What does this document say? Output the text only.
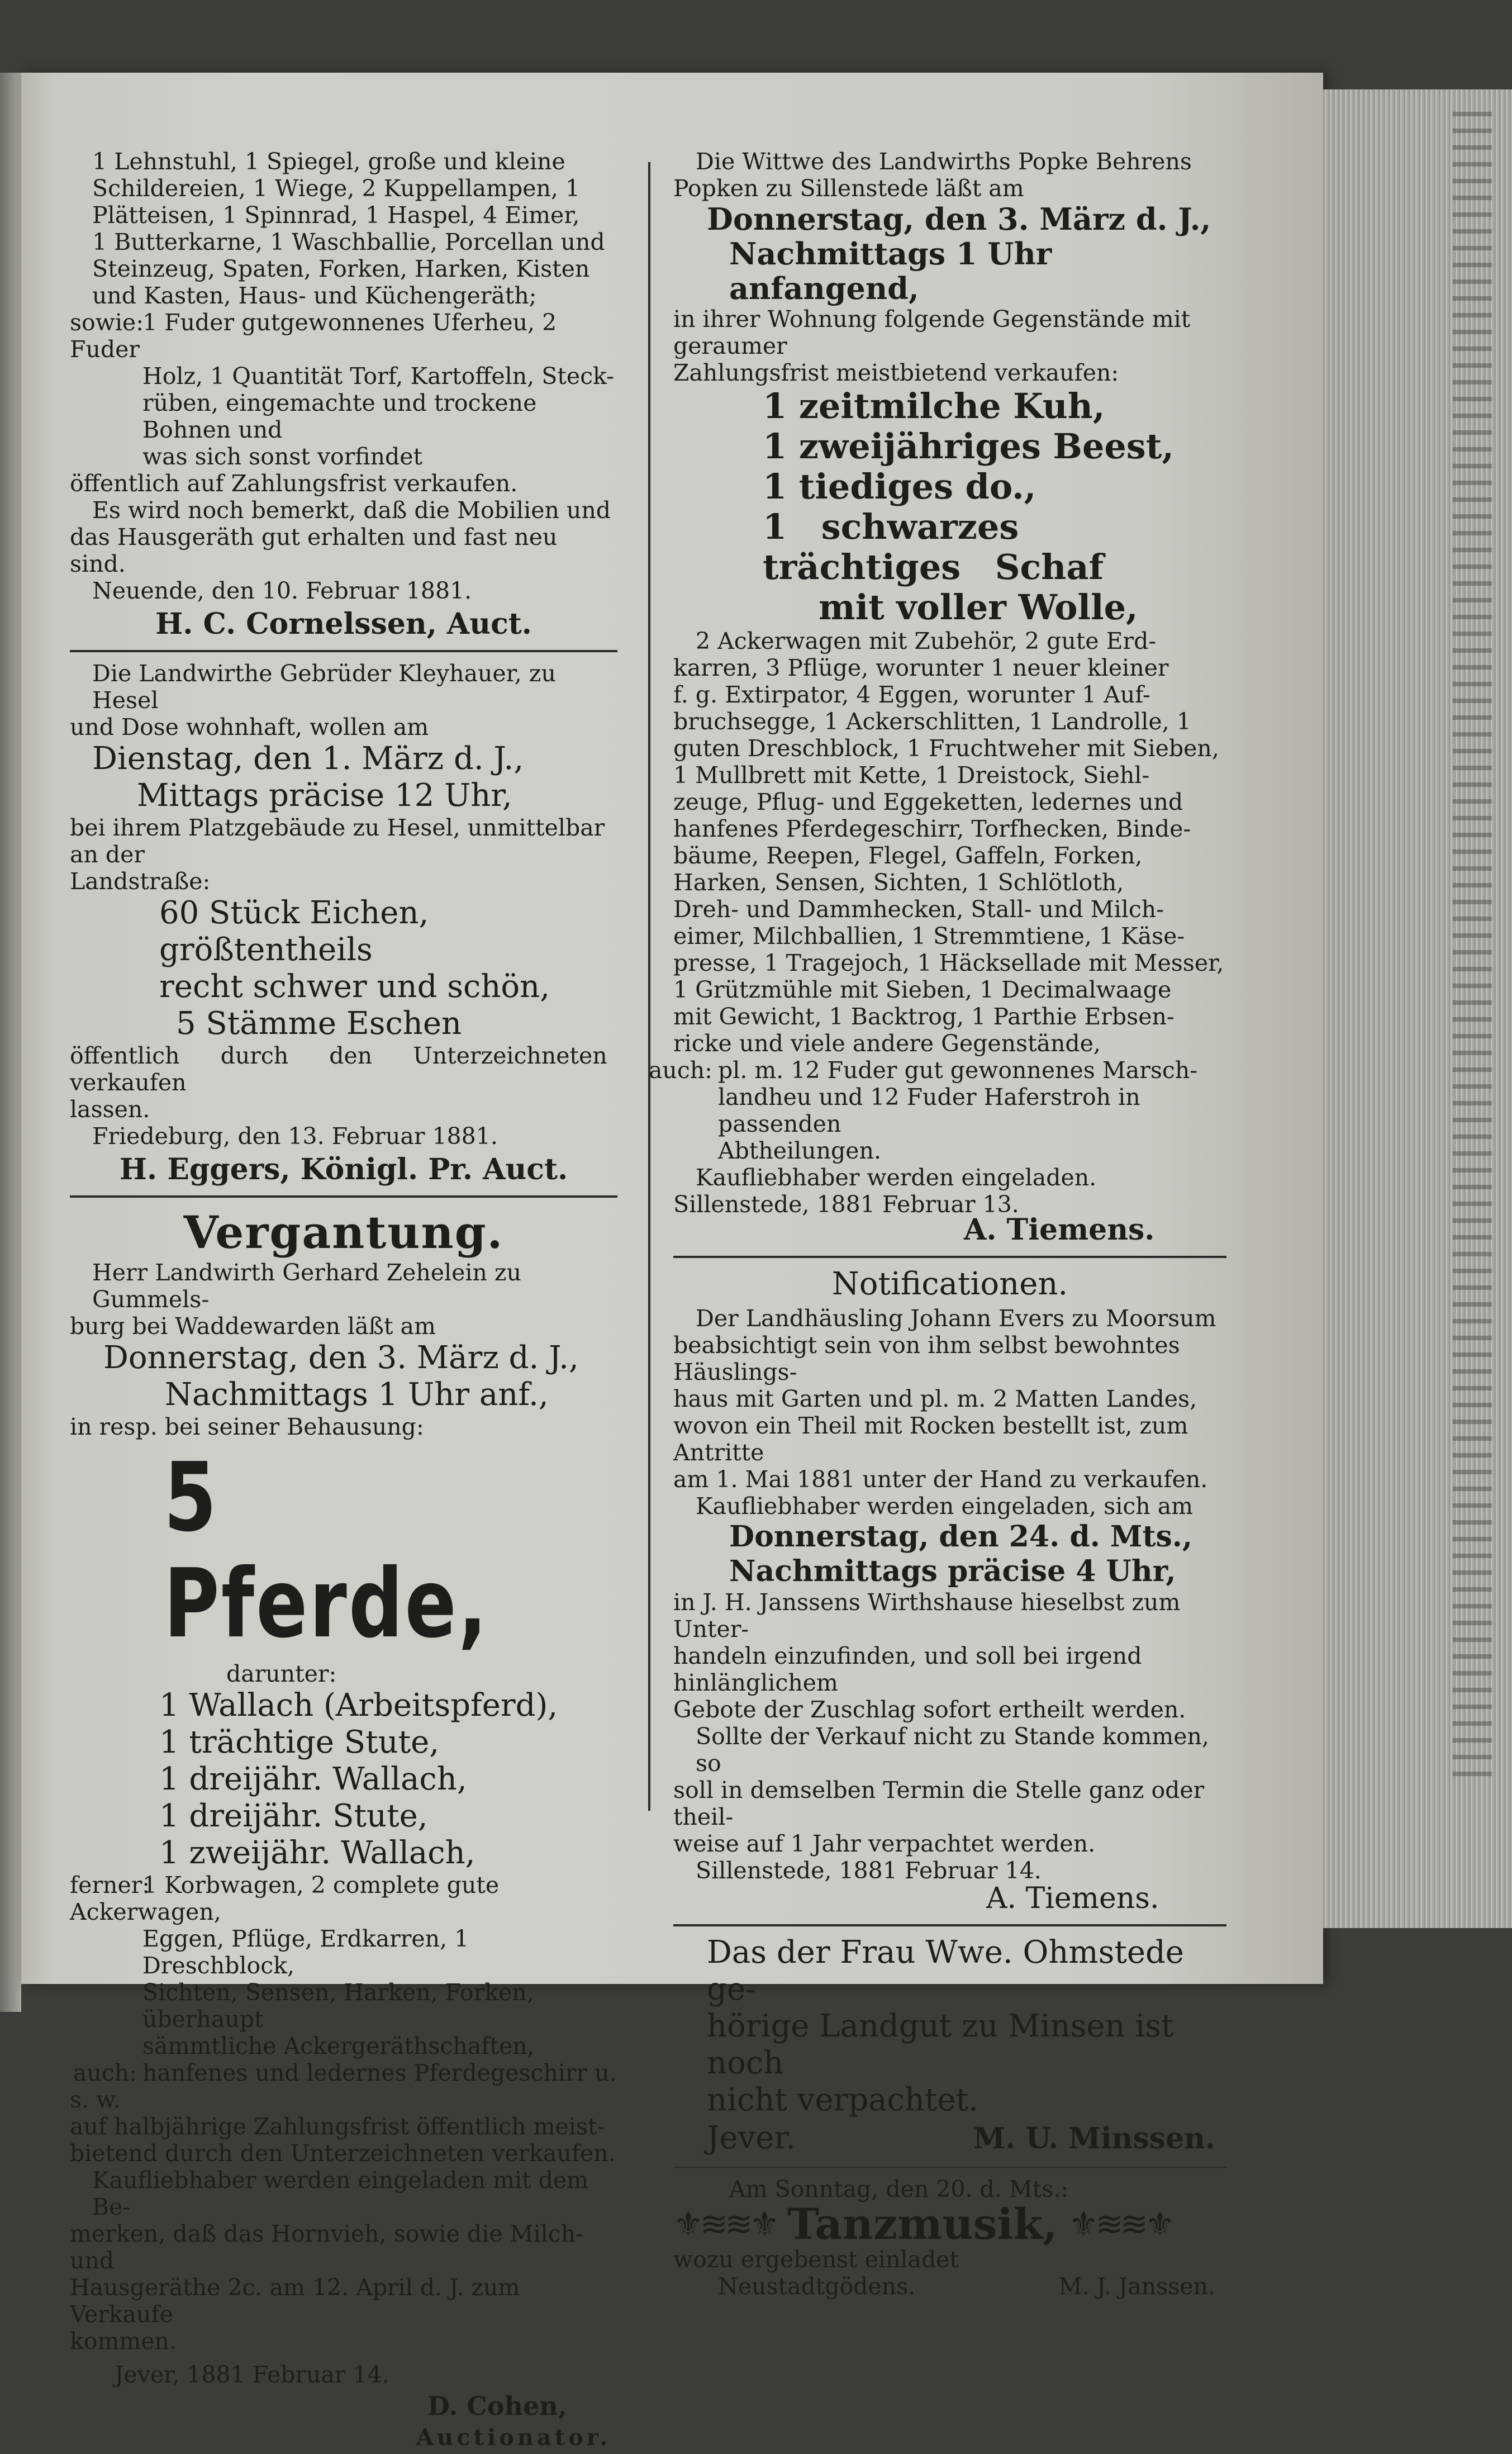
1 Lehnstuhl, 1 Spiegel, große und kleine

Schildereien, 1 Wiege, 2 Kuppellampen, 1

Plätteisen, 1 Spinnrad, 1 Haspel, 4 Eimer,

1 Butterkarne, 1 Waschballie, Porcellan und

Steinzeug, Spaten, Forken, Harken, Kisten

und Kasten, Haus- und Küchengeräth;

sowie:1 Fuder gutgewonnenes Uferheu, 2 Fuder

Holz, 1 Quantität Torf, Kartoffeln, Steck-

rüben, eingemachte und trockene Bohnen und

was sich sonst vorfindet

öffentlich auf Zahlungsfrist verkaufen.

Es wird noch bemerkt, daß die Mobilien und

das Hausgeräth gut erhalten und fast neu sind.

Neuende, den 10. Februar 1881.

H. C. Cornelssen, Auct.

Die Landwirthe Gebrüder Kleyhauer, zu Hesel

und Dose wohnhaft, wollen am

Dienstag, den 1. März d. J.,

Mittags präcise 12 Uhr,

bei ihrem Platzgebäude zu Hesel, unmittelbar an der

Landstraße:

60 Stück Eichen, größtentheils

recht schwer und schön,

5 Stämme Eschen

öffentlich durch den Unterzeichneten verkaufen

lassen.

Friedeburg, den 13. Februar 1881.

H. Eggers, Königl. Pr. Auct.

Vergantung.

Herr Landwirth Gerhard Zehelein zu Gummels-

burg bei Waddewarden läßt am

Donnerstag, den 3. März d. J.,

Nachmittags 1 Uhr anf.,

in resp. bei seiner Behausung:

5 Pferde,

darunter:

1 Wallach (Arbeitspferd),

1 trächtige Stute,

1 dreijähr. Wallach,

1 dreijähr. Stute,

1 zweijähr. Wallach,

ferner:1 Korbwagen, 2 complete gute Ackerwagen,

Eggen, Pflüge, Erdkarren, 1 Dreschblock,

Sichten, Sensen, Harken, Forken, überhaupt

sämmtliche Ackergeräthschaften,

auch: hanfenes und ledernes Pferdegeschirr u. s. w.

auf halbjährige Zahlungsfrist öffentlich meist-

bietend durch den Unterzeichneten verkaufen.

Kaufliebhaber werden eingeladen mit dem Be-

merken, daß das Hornvieh, sowie die Milch- und

Hausgeräthe 2c. am 12. April d. J. zum Verkaufe

kommen.

Jever, 1881 Februar 14.

D. Cohen,

Auctionator.

Die Wittwe des Landwirths Popke Behrens

Popken zu Sillenstede läßt am

Donnerstag, den 3. März d. J.,

Nachmittags 1 Uhr anfangend,

in ihrer Wohnung folgende Gegenstände mit geraumer

Zahlungsfrist meistbietend verkaufen:

1 zeitmilche Kuh,

1 zweijähriges Beest,

1 tiediges do.,

1 schwarzes trächtiges Schaf

mit voller Wolle,

2 Ackerwagen mit Zubehör, 2 gute Erd-

karren, 3 Pflüge, worunter 1 neuer kleiner

f. g. Extirpator, 4 Eggen, worunter 1 Auf-

bruchsegge, 1 Ackerschlitten, 1 Landrolle, 1

guten Dreschblock, 1 Fruchtweher mit Sieben,

1 Mullbrett mit Kette, 1 Dreistock, Siehl-

zeuge, Pflug- und Eggeketten, ledernes und

hanfenes Pferdegeschirr, Torfhecken, Binde-

bäume, Reepen, Flegel, Gaffeln, Forken,

Harken, Sensen, Sichten, 1 Schlötloth,

Dreh- und Dammhecken, Stall- und Milch-

eimer, Milchballien, 1 Stremmtiene, 1 Käse-

presse, 1 Tragejoch, 1 Häcksellade mit Messer,

1 Grützmühle mit Sieben, 1 Decimalwaage

mit Gewicht, 1 Backtrog, 1 Parthie Erbsen-

ricke und viele andere Gegenstände,

auch: pl. m. 12 Fuder gut gewonnenes Marsch-

landheu und 12 Fuder Haferstroh in passenden

Abtheilungen.

Kaufliebhaber werden eingeladen.

Sillenstede, 1881 Februar 13.

A. Tiemens.

Notificationen.

Der Landhäusling Johann Evers zu Moorsum

beabsichtigt sein von ihm selbst bewohntes Häuslings-

haus mit Garten und pl. m. 2 Matten Landes,

wovon ein Theil mit Rocken bestellt ist, zum Antritte

am 1. Mai 1881 unter der Hand zu verkaufen.

Kaufliebhaber werden eingeladen, sich am

Donnerstag, den 24. d. Mts.,

Nachmittags präcise 4 Uhr,

in J. H. Janssens Wirthshause hieselbst zum Unter-

handeln einzufinden, und soll bei irgend hinlänglichem

Gebote der Zuschlag sofort ertheilt werden.

Sollte der Verkauf nicht zu Stande kommen, so

soll in demselben Termin die Stelle ganz oder theil-

weise auf 1 Jahr verpachtet werden.

Sillenstede, 1881 Februar 14.

A. Tiemens.

Das der Frau Wwe. Ohmstede ge-

hörige Landgut zu Minsen ist noch

nicht verpachtet.

Jever.	M. U. Minssen.

Am Sonntag, den 20. d. Mts.:

⚜≋≋⚜ Tanzmusik, ⚜≋≋⚜

wozu ergebenst einladet

Neustadtgödens.	M. J. Janssen.
